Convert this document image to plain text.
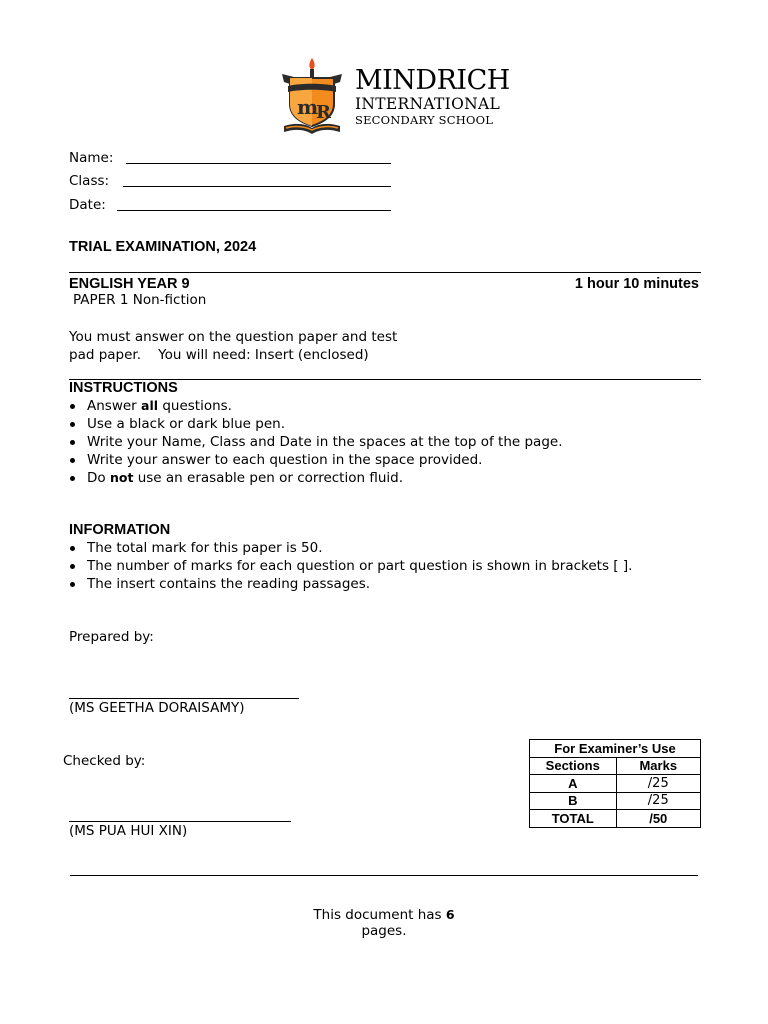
m
R
MINDRICH
INTERNATIONAL
SECONDARY SCHOOL
Name:
Class:
Date:
TRIAL EXAMINATION, 2024
ENGLISH YEAR 9	1 hour 10 minutes
PAPER 1 Non-fiction
You must answer on the question paper and test
pad paper.    You will need: Insert (enclosed)
INSTRUCTIONS
Answer all questions.
Use a black or dark blue pen.
Write your Name, Class and Date in the spaces at the top of the page.
Write your answer to each question in the space provided.
Do not use an erasable pen or correction fluid.
INFORMATION
The total mark for this paper is 50.
The number of marks for each question or part question is shown in brackets [ ].
The insert contains the reading passages.
Prepared by:
(MS GEETHA DORAISAMY)
Checked by:
(MS PUA HUI XIN)
For Examiner’s Use	
Sections	Marks
A	/25
B	/25
TOTAL	/50
This document has 6
pages.
